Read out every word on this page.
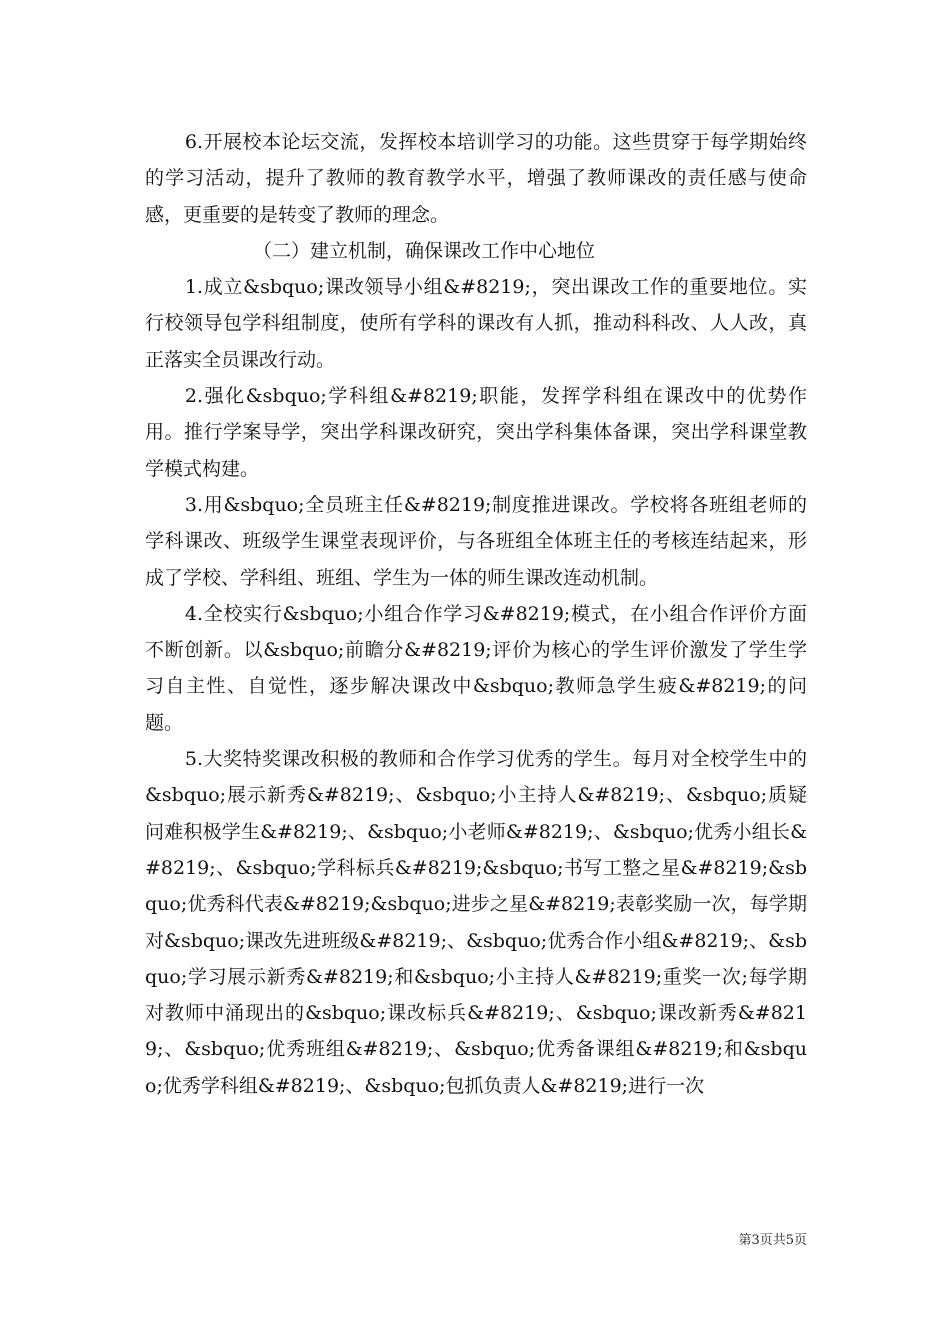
6.开展校本论坛交流，发挥校本培训学习的功能。这些贯穿于每学期始终的学习活动，提升了教师的教育教学水平，增强了教师课改的责任感与使命感，更重要的是转变了教师的理念。

（二）建立机制，确保课改工作中心地位

1.成立&sbquo;课改领导小组&#8219;，突出课改工作的重要地位。实行校领导包学科组制度，使所有学科的课改有人抓，推动科科改、人人改，真正落实全员课改行动。

2.强化&sbquo;学科组&#8219;职能，发挥学科组在课改中的优势作用。推行学案导学，突出学科课改研究，突出学科集体备课，突出学科课堂教学模式构建。

3.用&sbquo;全员班主任&#8219;制度推进课改。学校将各班组老师的学科课改、班级学生课堂表现评价，与各班组全体班主任的考核连结起来，形成了学校、学科组、班组、学生为一体的师生课改连动机制。

4.全校实行&sbquo;小组合作学习&#8219;模式，在小组合作评价方面不断创新。以&sbquo;前瞻分&#8219;评价为核心的学生评价激发了学生学习自主性、自觉性，逐步解决课改中&sbquo;教师急学生疲&#8219;的问题。

5.大奖特奖课改积极的教师和合作学习优秀的学生。每月对全校学生中的&sbquo;展示新秀&#8219;、&sbquo;小主持人&#8219;、&sbquo;质疑问难积极学生&#8219;、&sbquo;小老师&#8219;、&sbquo;优秀小组长&#8219;、&sbquo;学科标兵&#8219;&sbquo;书写工整之星&#8219;&sbquo;优秀科代表&#8219;&sbquo;进步之星&#8219;表彰奖励一次，每学期对&sbquo;课改先进班级&#8219;、&sbquo;优秀合作小组&#8219;、&sbquo;学习展示新秀&#8219;和&sbquo;小主持人&#8219;重奖一次;每学期对教师中涌现出的&sbquo;课改标兵&#8219;、&sbquo;课改新秀&#8219;、&sbquo;优秀班组&#8219;、&sbquo;优秀备课组&#8219;和&sbquo;优秀学科组&#8219;、&sbquo;包抓负责人&#8219;进行一次

第3页共5页
